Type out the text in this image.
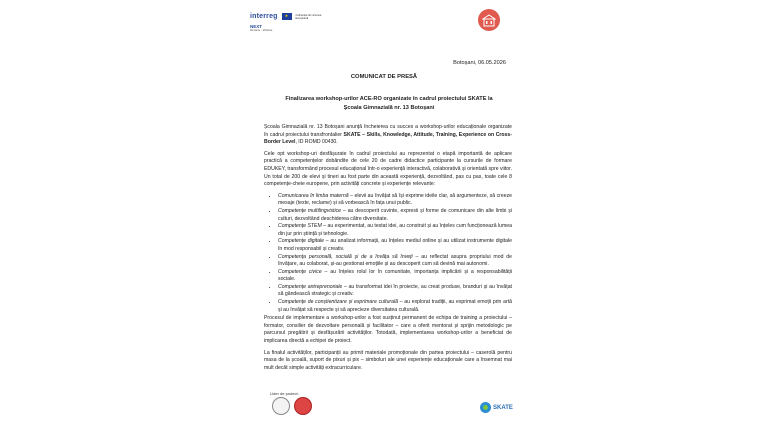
interreg
★	Cofinanțat de Uniunea Europeană
NEXT
Romania – Moldova
Botoșani, 06.05.2026
COMUNICAT DE PRESĂ
Finalizarea workshop-urilor ACE-RO organizate în cadrul proiectului SKATE la Școala Gimnazială nr. 13 Botoșani

Școala Gimnazială nr. 13 Botoșani anunță încheierea cu succes a workshop-urilor educaționale organizate în cadrul proiectului transfrontalier SKATE – Skills, Knowledge, Attitude, Training, Experience on Cross-Border Level, ID ROMD 00430.

Cele opt workshop-uri desfășurate în cadrul proiectului au reprezentat o etapă importantă de aplicare practică a competențelor dobândite de cele 20 de cadre didactice participante la cursurile de formare EDUKEY, transformând procesul educațional într-o experiență interactivă, colaborativă și orientată spre viitor. Un total de 200 de elevi și tineri au fost parte din această experiență, dezvoltând, pas cu pas, toate cele 8 competențe-cheie europene, prin activități concrete și experiențe relevante:

• Comunicarea în limba maternă – elevii au învățat să își exprime ideile clar, să argumenteze, să creeze mesaje (texte, reclame) și să vorbească în fața unui public.
• Competențe multilingvistice – au descoperit cuvinte, expresii și forme de comunicare din alte limbi și culturi, dezvoltând deschiderea către diversitate.
• Competențe STEM – au experimentat, au testat idei, au construit și au înțeles cum funcționează lumea din jur prin știință și tehnologie.
• Competențe digitale – au analizat informații, au înțeles mediul online și au utilizat instrumente digitale în mod responsabil și creativ.
• Competența personală, socială și de a învăța să înveți – au reflectat asupra propriului mod de învățare, au colaborat, și-au gestionat emoțiile și au descoperit cum să devină mai autonomi.
• Competențe civice – au înțeles rolul lor în comunitate, importanța implicării și a responsabilității sociale.
• Competențe antreprenoriale – au transformat idei în proiecte, au creat produse, branduri și au învățat să gândească strategic și creativ.
• Competențe de conștientizare și exprimare culturală – au explorat tradiții, au exprimat emoții prin artă și au învățat să respecte și să aprecieze diversitatea culturală.

Procesul de implementare a workshop-urilor a fost susținut permanent de echipa de training a proiectului – formator, consilier de dezvoltare personală și facilitator – care a oferit mentorat și sprijin metodologic pe parcursul pregătirii și desfășurării activităților. Totodată, implementarea workshop-urilor a beneficiat de implicarea directă a echipei de proiect.

La finalul activităților, participanții au primit materiale promoționale din partea proiectului – caserolă pentru masa de la școală, suport de pixuri și pix – simboluri ale unei experiențe educaționale care a însemnat mai mult decât simple activități extracurriculare.

Lider de proiect:
SKATE
